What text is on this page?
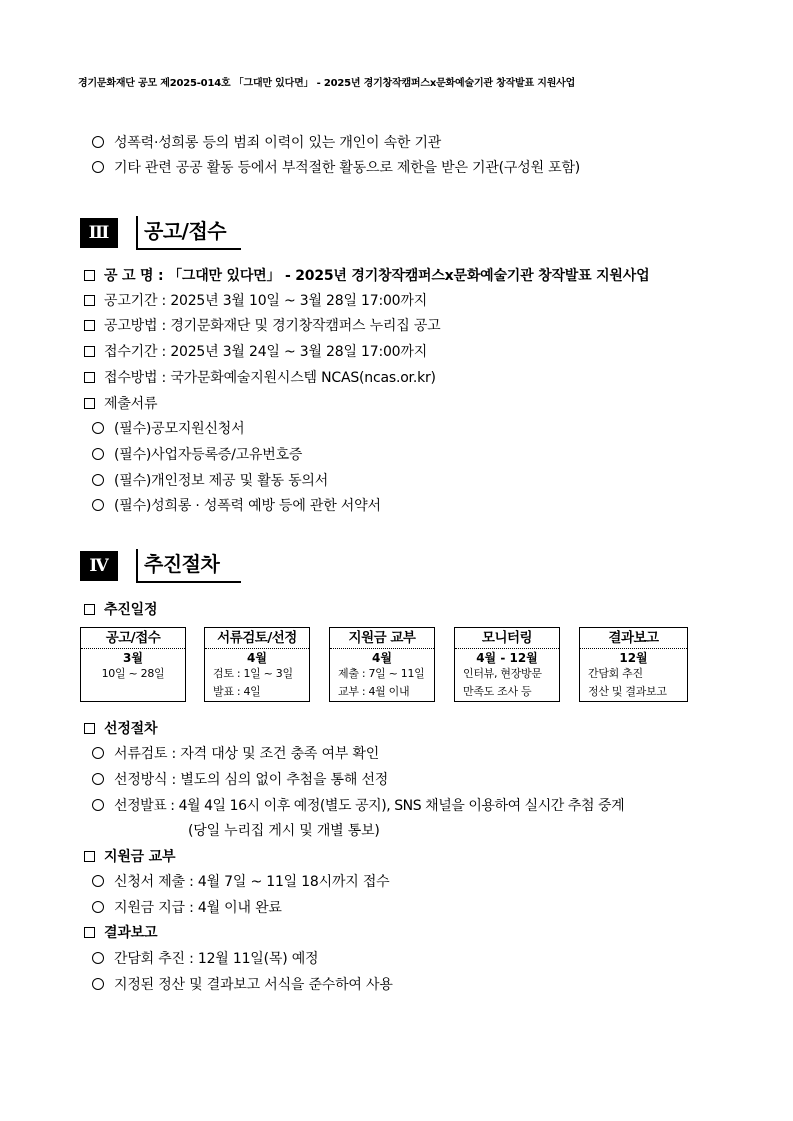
경기문화재단 공모 제2025-014호 「그대만 있다면」 - 2025년 경기창작캠퍼스x문화예술기관 창작발표 지원사업
성폭력·성희롱 등의 범죄 이력이 있는 개인이 속한 기관
기타 관련 공공 활동 등에서 부적절한 활동으로 제한을 받은 기관(구성원 포함)
Ⅲ	공고/접수
공 고 명 : 「그대만 있다면」 - 2025년 경기창작캠퍼스x문화예술기관 창작발표 지원사업
공고기간 : 2025년 3월 10일 ~ 3월 28일 17:00까지
공고방법 : 경기문화재단 및 경기창작캠퍼스 누리집 공고
접수기간 : 2025년 3월 24일 ~ 3월 28일 17:00까지
접수방법 : 국가문화예술지원시스템 NCAS(ncas.or.kr)
제출서류
(필수)공모지원신청서
(필수)사업자등록증/고유번호증
(필수)개인정보 제공 및 활동 동의서
(필수)성희롱 · 성폭력 예방 등에 관한 서약서
Ⅳ	추진절차
추진일정
공고/접수
3월
10일 ~ 28일
서류검토/선정
4월
검토 : 1일 ~ 3일
발표 : 4일
지원금 교부
4월
제출 : 7일 ~ 11일
교부 : 4월 이내
모니터링
4월 - 12월
인터뷰, 현장방문
만족도 조사 등
결과보고
12월
간담회 추진
정산 및 결과보고
선정절차
서류검토 : 자격 대상 및 조건 충족 여부 확인
선정방식 : 별도의 심의 없이 추첨을 통해 선정
선정발표 : 4월 4일 16시 이후 예정(별도 공지), SNS 채널을 이용하여 실시간 추첨 중계
(당일 누리집 게시 및 개별 통보)
지원금 교부
신청서 제출 : 4월 7일 ~ 11일 18시까지 접수
지원금 지급 : 4월 이내 완료
결과보고
간담회 추진 : 12월 11일(목) 예정
지정된 정산 및 결과보고 서식을 준수하여 사용
